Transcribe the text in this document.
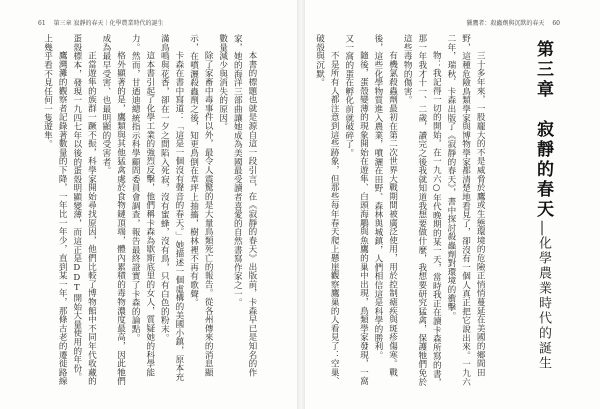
61 第三章 寂靜的春天｜化學農業時代的誕生	獵鷹者：殺蟲劑與沉默的春天 60

本書的標題也就是源自這一段引言，在《寂靜的春天》出版前，卡森早已是知名的作家，她的海洋三部曲讓她成為美國最受讀者喜愛的自然書寫作家之一。

數量減少與消失的原因。

除了家畜中毒事件以外，最令人震驚的是大量鳥類死亡的報告。從各州傳來的消息顯示，在噴灑殺蟲劑之後，知更鳥倒在草坪上抽搐，樹林裡不再有歌聲。

卡森在書中寫道：「這是一個沒有聲音的春天。」她描述一個虛構的美國小鎮，原本充滿鳥鳴與花香，卻在一夕之間陷入死寂，沒有蜜蜂，沒有鳥，只有白色的粉末。

這本書引起了化學工業的強烈反擊，他們稱卡森為歇斯底里的女人，質疑她的科學能力。然而，甘迺迪總統指示科學顧問委員會調查，報告最終證實了卡森的論點。

格外顯著的是，鷹類與其他猛禽處於食物鏈頂端，體內累積的毒物濃度最高，因此牠們成為最早受害、也最明顯的受害者。

正當遊隼的族群一蹶不振，科學家開始尋找原因，他們比較了博物館中不同年代收藏的蛋殼標本，發現一九四七年以後的蛋殼明顯變薄，而這正是DDT開始大量使用的年份。

鷹灣灘的觀察者記錄著數量的下降，一年比一年少，直到某一年，那條古老的遷徙路線上幾乎看不見任何一隻遊隼。	三十多年來，一股龐大的不是威脅於鷹或生態環境的危險正悄悄蔓延在美國的鄉間田野，這種危險鳥類學家與博物學家都清楚地看見了，卻沒有一個人真正把它說出來。一九六二年，瑞秋．卡森出版了《寂靜的春天》，書中探討殺蟲劑對環境的衝擊。

物：我記得一切的開始，在一九六○年代晚期的某一天，當時我正在讀卡森所寫的書，那一年我才十一、二歲，讀完之後我就知道我想要做什麼，我想要研究猛禽，保護牠們免於這些毒物的傷害。

有機氯殺蟲劑最初在第二次世界大戰期間被廣泛使用，用於控制瘧疾與斑疹傷寒。戰後，這些化學物質進入農業，噴灑在田野、森林與城鎮，人們相信這是科學的勝利。

隨後，蛋殼變薄的現象開始在遊隼、白頭海鵰與魚鷹的巢中出現，鳥類學家發現，一窩又一窩的蛋在孵化前就破碎了。

不是所有人都注意到這些跡象，但那些每年春天爬上懸崖觀察鷹巢的人看見了：空巢、破殼與沉默。	第三章　寂靜的春天—化學農業時代的誕生
